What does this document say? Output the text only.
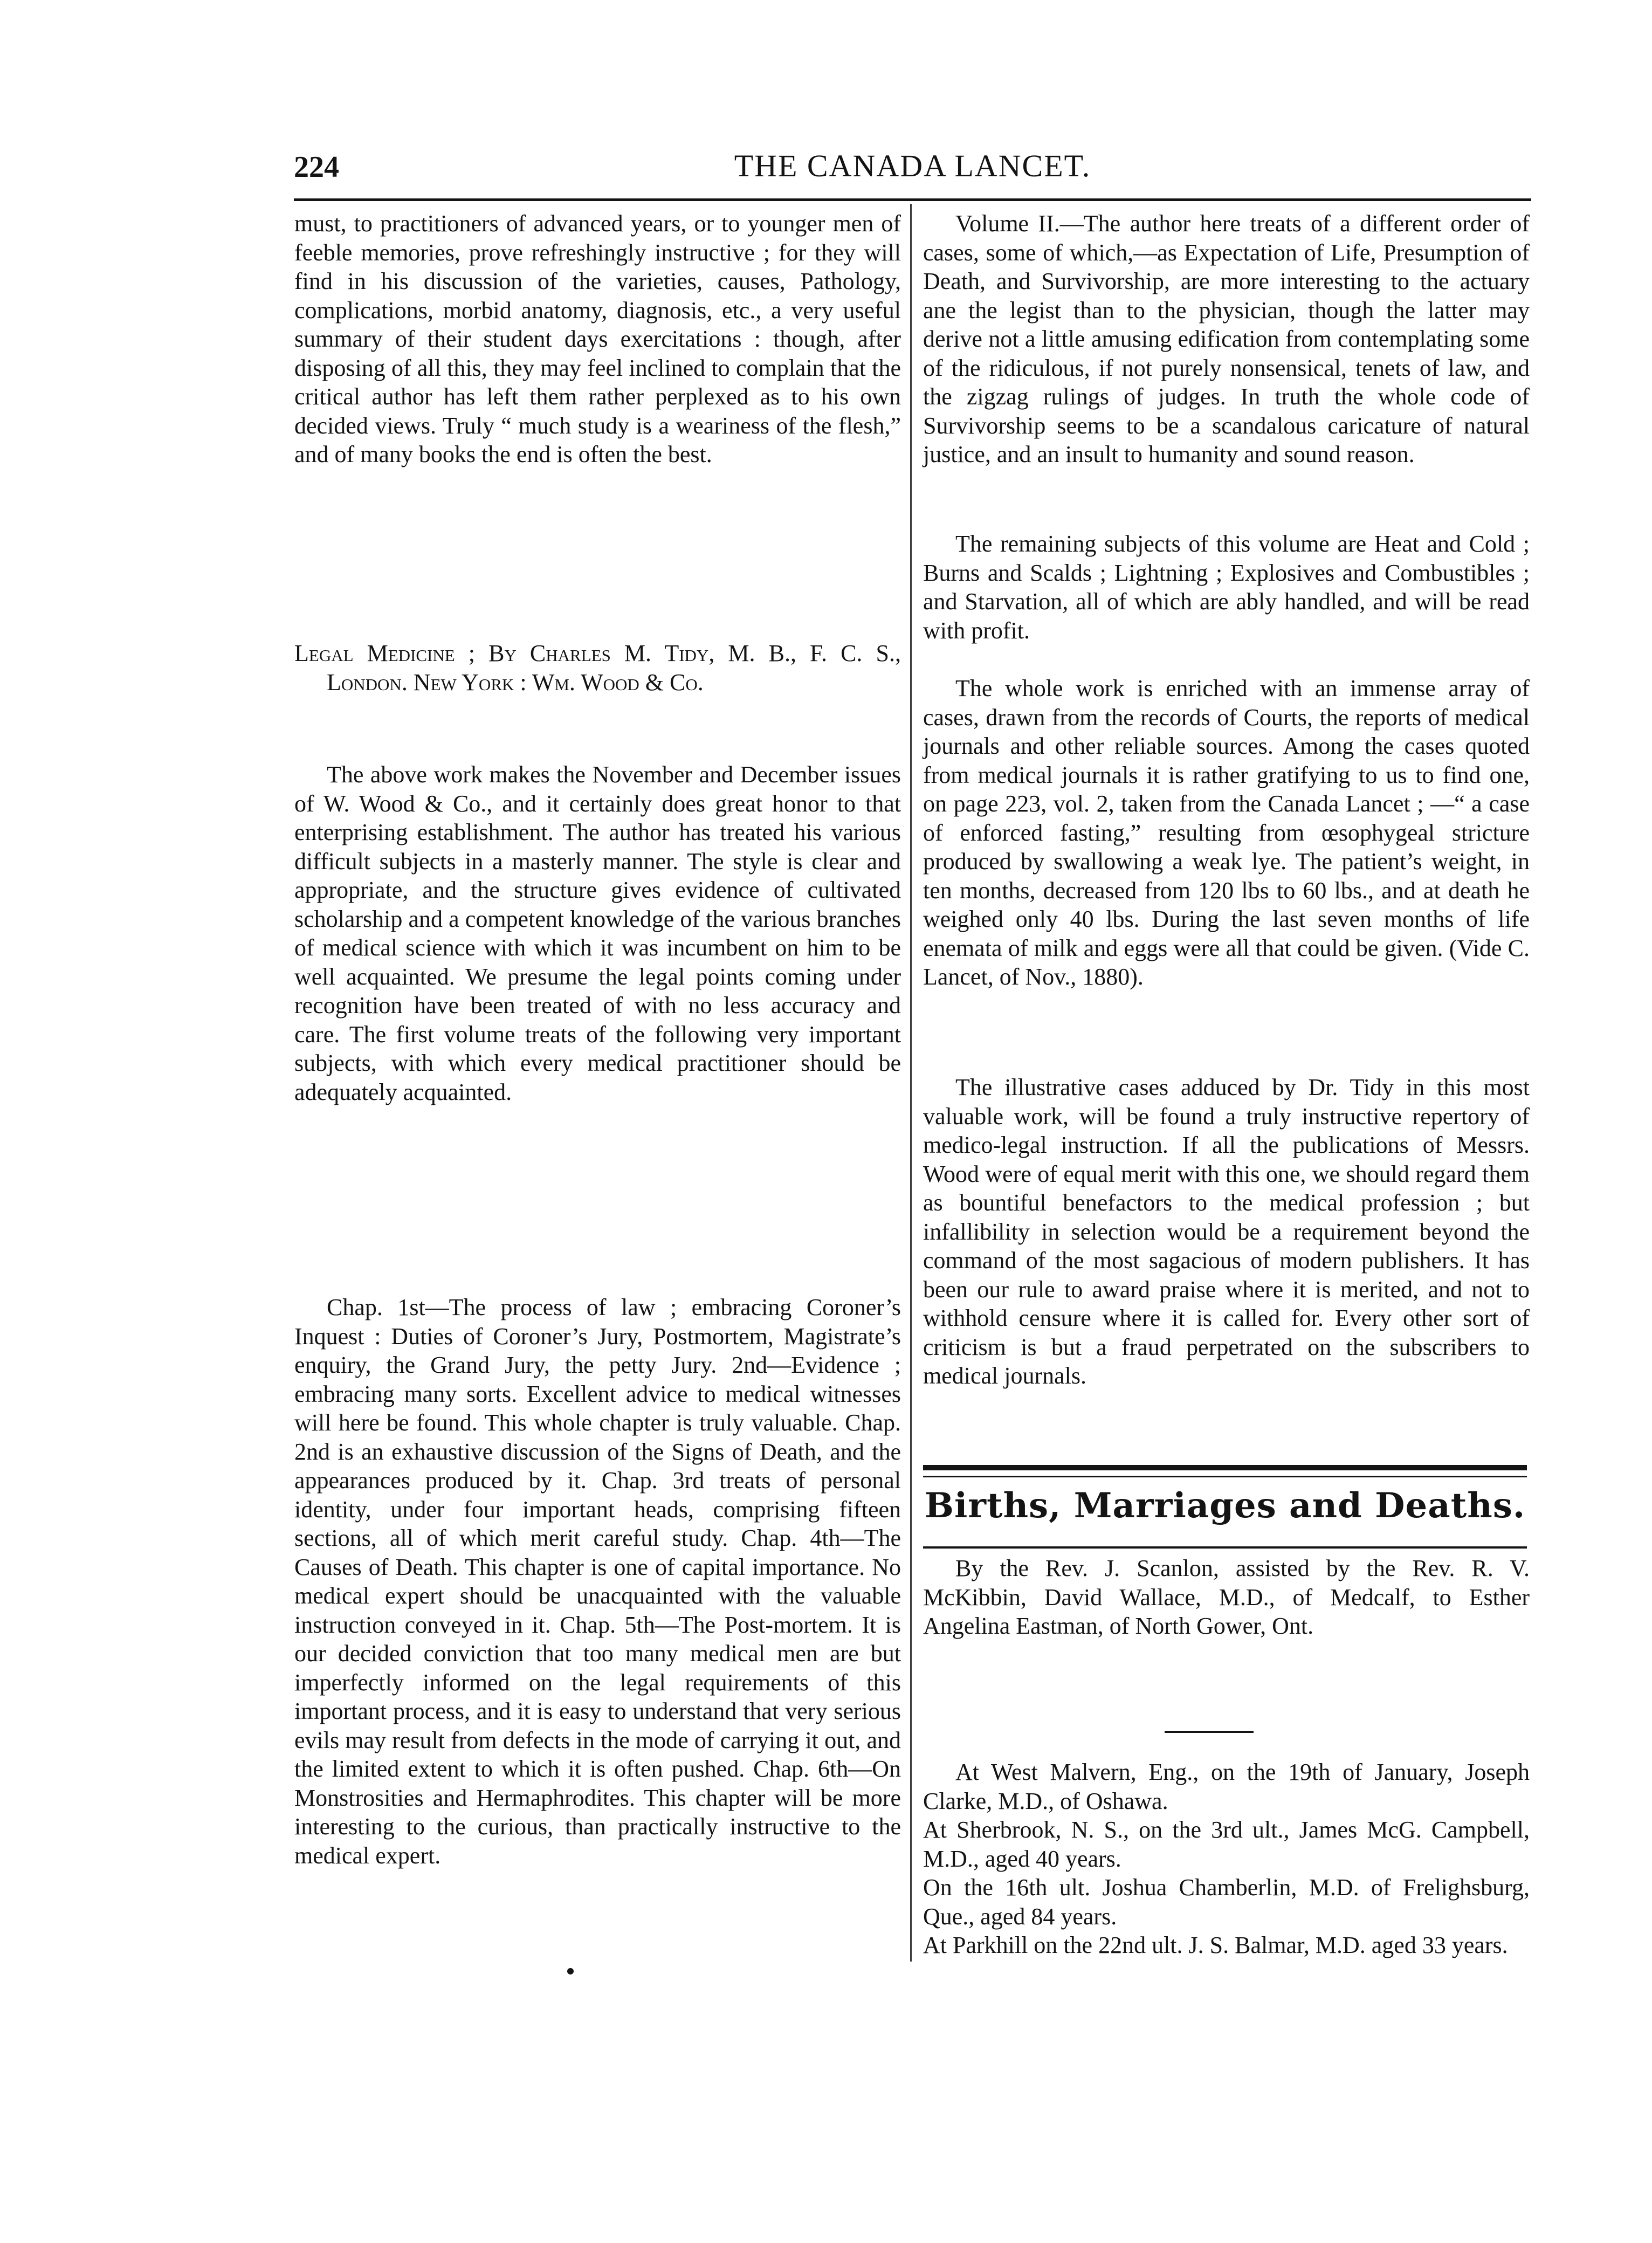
224	THE CANADA LANCET.

must, to practitioners of advanced years, or to younger men of feeble memories, prove refreshingly instructive ; for they will find in his discussion of the varieties, causes, Pathology, complications, morbid anatomy, diagnosis, etc., a very useful summary of their student days exercitations : though, after disposing of all this, they may feel inclined to complain that the critical author has left them rather perplexed as to his own decided views. Truly “ much study is a weariness of the flesh,” and of many books the end is often the best.

Legal Medicine ; By Charles M. Tidy, M. B., F. C. S., London. New York : Wm. Wood & Co.

The above work makes the November and December issues of W. Wood & Co., and it certainly does great honor to that enterprising establishment. The author has treated his various difficult subjects in a masterly manner. The style is clear and appropriate, and the structure gives evidence of cultivated scholarship and a competent knowledge of the various branches of medical science with which it was incumbent on him to be well acquainted. We presume the legal points coming under recognition have been treated of with no less accuracy and care. The first volume treats of the following very important subjects, with which every medical practitioner should be adequately acquainted.

Chap. 1st—The process of law ; embracing Coroner’s Inquest : Duties of Coroner’s Jury, Postmortem, Magistrate’s enquiry, the Grand Jury, the petty Jury. 2nd—Evidence ; embracing many sorts. Excellent advice to medical witnesses will here be found. This whole chapter is truly valuable. Chap. 2nd is an exhaustive discussion of the Signs of Death, and the appearances produced by it. Chap. 3rd treats of personal identity, under four important heads, comprising fifteen sections, all of which merit careful study. Chap. 4th—The Causes of Death. This chapter is one of capital importance. No medical expert should be unacquainted with the valuable instruction conveyed in it. Chap. 5th—The Post-mortem. It is our decided conviction that too many medical men are but imperfectly informed on the legal requirements of this important process, and it is easy to understand that very serious evils may result from defects in the mode of carrying it out, and the limited extent to which it is often pushed. Chap. 6th—On Monstrosities and Hermaphrodites. This chapter will be more interesting to the curious, than practically instructive to the medical expert.

Volume II.—The author here treats of a different order of cases, some of which,—as Expectation of Life, Presumption of Death, and Survivorship, are more interesting to the actuary ane the legist than to the physician, though the latter may derive not a little amusing edification from contemplating some of the ridiculous, if not purely nonsensical, tenets of law, and the zigzag rulings of judges. In truth the whole code of Survivorship seems to be a scandalous caricature of natural justice, and an insult to humanity and sound reason.

The remaining subjects of this volume are Heat and Cold ; Burns and Scalds ; Lightning ; Explosives and Combustibles ; and Starvation, all of which are ably handled, and will be read with profit.

The whole work is enriched with an immense array of cases, drawn from the records of Courts, the reports of medical journals and other reliable sources. Among the cases quoted from medical journals it is rather gratifying to us to find one, on page 223, vol. 2, taken from the Canada Lancet ; —“ a case of enforced fasting,” resulting from œsophygeal stricture produced by swallowing a weak lye. The patient’s weight, in ten months, decreased from 120 lbs to 60 lbs., and at death he weighed only 40 lbs. During the last seven months of life enemata of milk and eggs were all that could be given. (Vide C. Lancet, of Nov., 1880).

The illustrative cases adduced by Dr. Tidy in this most valuable work, will be found a truly instructive repertory of medico-legal instruction. If all the publications of Messrs. Wood were of equal merit with this one, we should regard them as bountiful benefactors to the medical profession ; but infallibility in selection would be a requirement beyond the command of the most sagacious of modern publishers. It has been our rule to award praise where it is merited, and not to withhold censure where it is called for. Every other sort of criticism is but a fraud perpetrated on the subscribers to medical journals.

Births, Marriages and Deaths.

By the Rev. J. Scanlon, assisted by the Rev. R. V. McKibbin, David Wallace, M.D., of Medcalf, to Esther Angelina Eastman, of North Gower, Ont.

At West Malvern, Eng., on the 19th of January, Joseph Clarke, M.D., of Oshawa.

At Sherbrook, N. S., on the 3rd ult., James McG. Campbell, M.D., aged 40 years.

On the 16th ult. Joshua Chamberlin, M.D. of Frelighsburg, Que., aged 84 years.

At Parkhill on the 22nd ult. J. S. Balmar, M.D. aged 33 years.
